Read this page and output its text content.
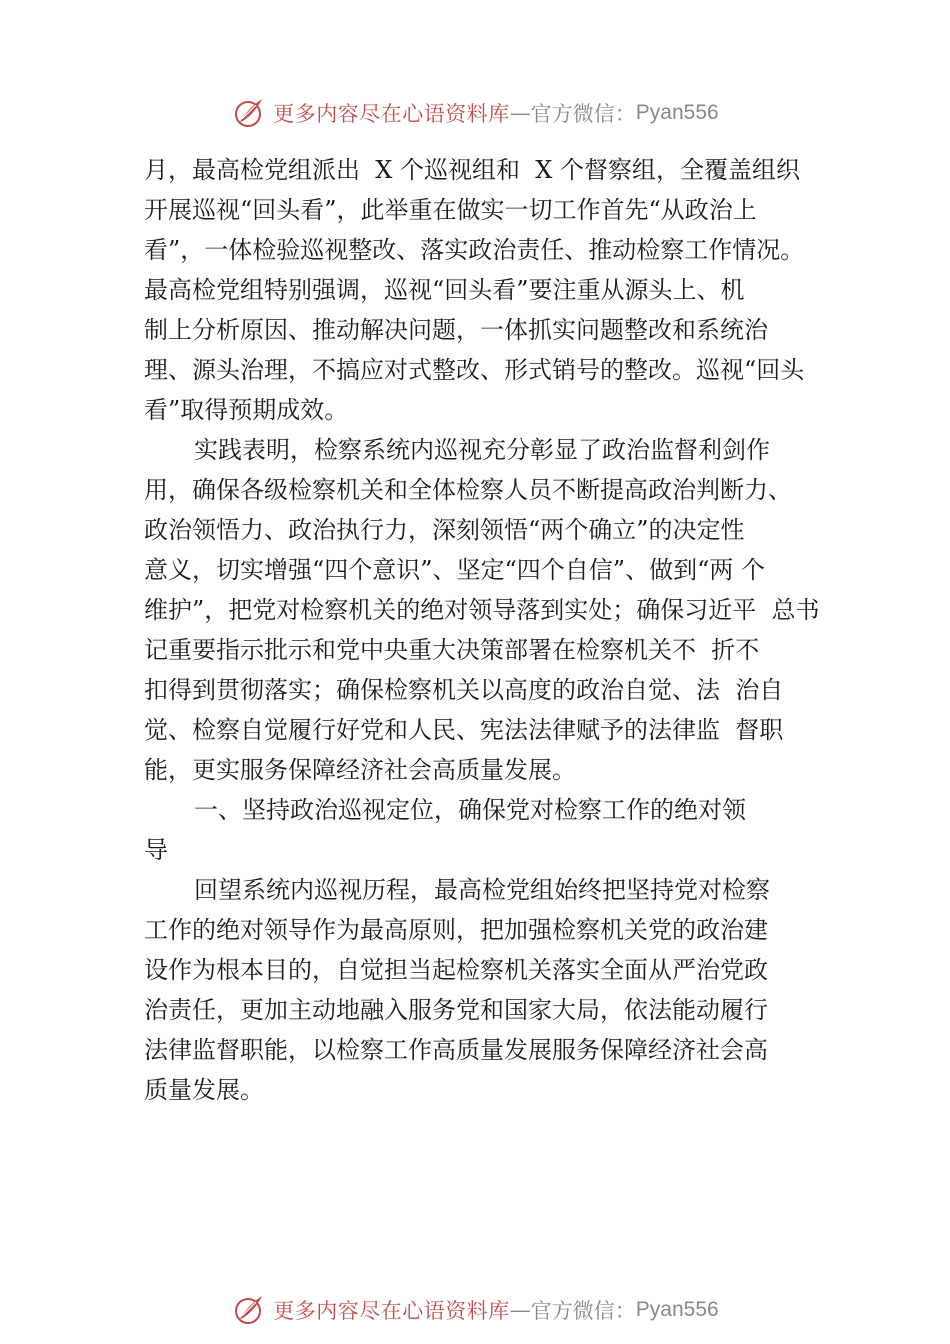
更多内容尽在心语资料库 — 官方微信： Pyan556
月，最高检党组派出  X 个巡视组和  X 个督察组，全覆盖组织
开展巡视“回头看”，此举重在做实一切工作首先“从政治上
看”，一体检验巡视整改、落实政治责任、推动检察工作情况。
最高检党组特别强调，巡视“回头看”要注重从源头上、机
制上分析原因、推动解决问题，一体抓实问题整改和系统治
理、源头治理，不搞应对式整改、形式销号的整改。巡视“回头
看”取得预期成效。
实践表明，检察系统内巡视充分彰显了政治监督利剑作
用，确保各级检察机关和全体检察人员不断提高政治判断力、
政治领悟力、政治执行力，深刻领悟“两个确立”的决定性
意义，切实增强“四个意识”、坚定“四个自信”、做到“两 个
维护”，把党对检察机关的绝对领导落到实处；确保习近平  总书
记重要指示批示和党中央重大决策部署在检察机关不  折不
扣得到贯彻落实；确保检察机关以高度的政治自觉、法  治自
觉、检察自觉履行好党和人民、宪法法律赋予的法律监  督职
能，更实服务保障经济社会高质量发展。
一、坚持政治巡视定位，确保党对检察工作的绝对领
导
回望系统内巡视历程，最高检党组始终把坚持党对检察
工作的绝对领导作为最高原则，把加强检察机关党的政治建
设作为根本目的，自觉担当起检察机关落实全面从严治党政
治责任，更加主动地融入服务党和国家大局，依法能动履行
法律监督职能，以检察工作高质量发展服务保障经济社会高
质量发展。
更多内容尽在心语资料库 — 官方微信： Pyan556
